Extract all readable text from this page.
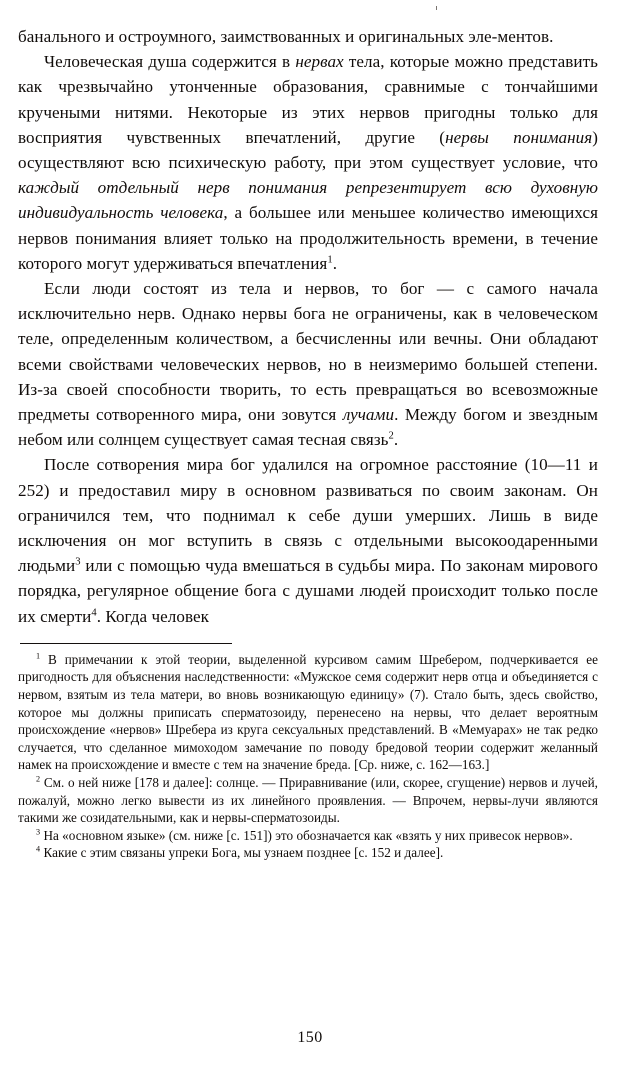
банального и остроумного, заимствованных и оригинальных эле-ментов.

Человеческая душа содержится в нервах тела, которые можно представить как чрезвычайно утонченные образования, сравнимые с тончайшими кручеными нитями. Некоторые из этих нервов пригодны только для восприятия чувственных впечатлений, другие (нервы понимания) осуществляют всю психическую работу, при этом существует условие, что каждый отдельный нерв понимания репрезентирует всю духовную индивидуальность человека, а большее или меньшее количество имеющихся нервов понимания влияет только на продолжительность времени, в течение которого могут удерживаться впечатления$^1$.

Если люди состоят из тела и нервов, то бог — с самого начала исключительно нерв. Однако нервы бога не ограничены, как в человеческом теле, определенным количеством, а бесчисленны или вечны. Они обладают всеми свойствами человеческих нервов, но в неизмеримо большей степени. Из-за своей способности творить, то есть превращаться во всевозможные предметы сотворенного мира, они зовутся лучами. Между богом и звездным небом или солнцем существует самая тесная связь$^2$.

После сотворения мира бог удалился на огромное расстояние (10—11 и 252) и предоставил миру в основном развиваться по своим законам. Он ограничился тем, что поднимал к себе души умерших. Лишь в виде исключения он мог вступить в связь с отдельными высокоодаренными людьми$^3$ или с помощью чуда вмешаться в судьбы мира. По законам мирового порядка, регулярное общение бога с душами людей происходит только после их смерти$^4$. Когда человек

$^1$ В примечании к этой теории, выделенной курсивом самим Шребером, подчеркивается ее пригодность для объяснения наследственности: «Мужское семя содержит нерв отца и объединяется с нервом, взятым из тела матери, во вновь возникающую единицу» (7). Стало быть, здесь свойство, которое мы должны приписать сперматозоиду, перенесено на нервы, что делает вероятным происхождение «нервов» Шребера из круга сексуальных представлений. В «Мемуарах» не так редко случается, что сделанное мимоходом замечание по поводу бредовой теории содержит желанный намек на происхождение и вместе с тем на значение бреда. [Ср. ниже, с. 162—163.]

$^2$ См. о ней ниже [178 и далее]: солнце. — Приравнивание (или, скорее, сгущение) нервов и лучей, пожалуй, можно легко вывести из их линейного проявления. — Впрочем, нервы-лучи являются такими же созидательными, как и нервы-сперматозоиды.

$^3$ На «основном языке» (см. ниже [с. 151]) это обозначается как «взять у них привесок нервов».

$^4$ Какие с этим связаны упреки Бога, мы узнаем позднее [с. 152 и далее].

150
